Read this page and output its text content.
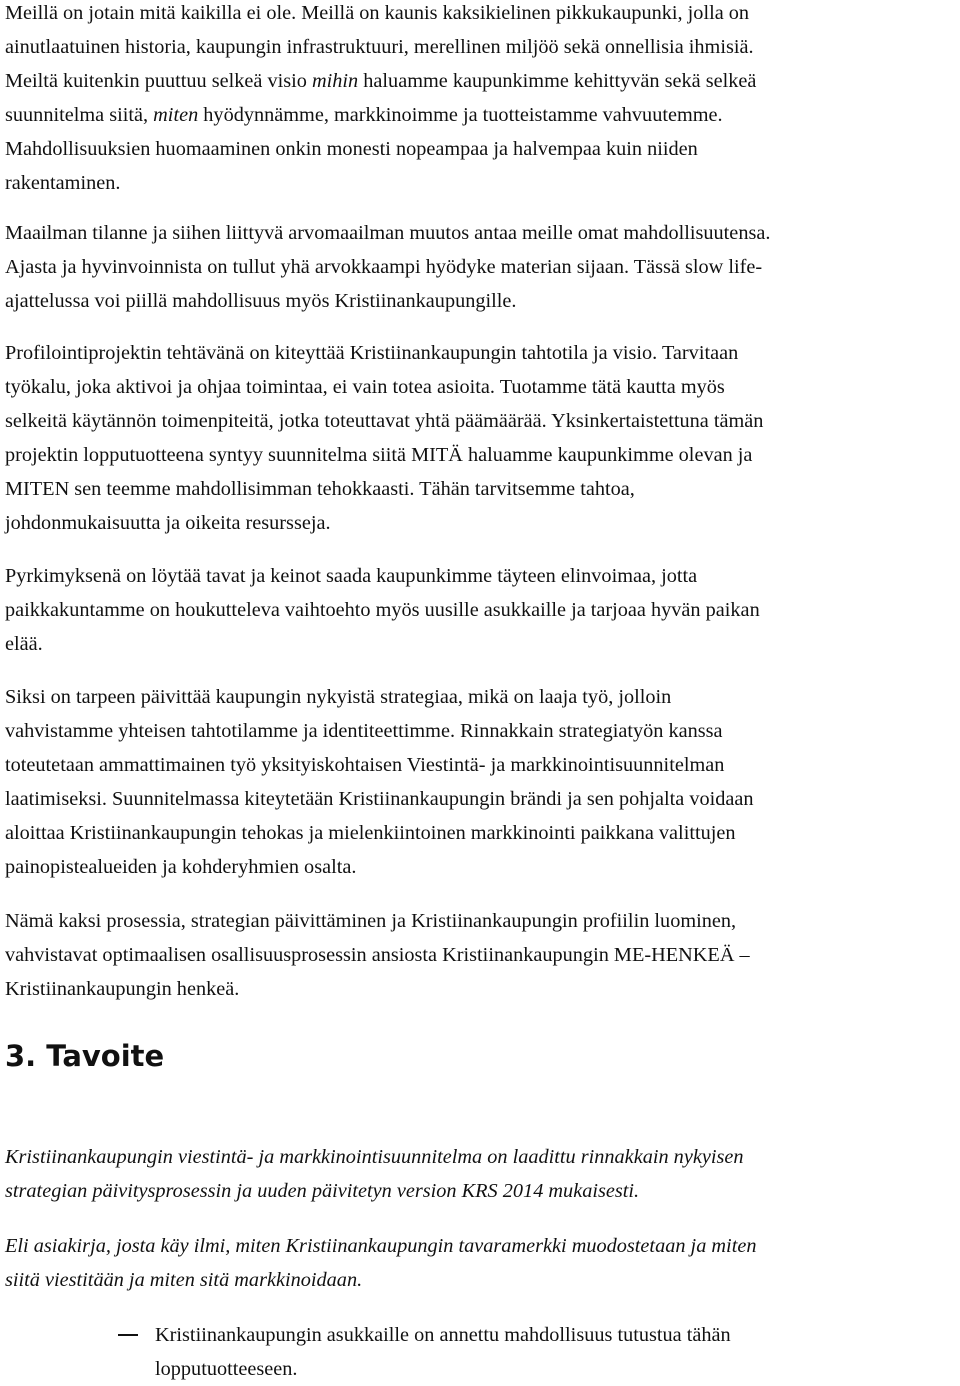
Meillä on jotain mitä kaikilla ei ole. Meillä on kaunis kaksikielinen pikkukaupunki, jolla on
ainutlaatuinen historia, kaupungin infrastruktuuri, merellinen miljöö sekä onnellisia ihmisiä.
Meiltä kuitenkin puuttuu selkeä visio mihin haluamme kaupunkimme kehittyvän sekä selkeä
suunnitelma siitä, miten hyödynnämme, markkinoimme ja tuotteistamme vahvuutemme.
Mahdollisuuksien huomaaminen onkin monesti nopeampaa ja halvempaa kuin niiden
rakentaminen.
Maailman tilanne ja siihen liittyvä arvomaailman muutos antaa meille omat mahdollisuutensa.
Ajasta ja hyvinvoinnista on tullut yhä arvokkaampi hyödyke materian sijaan. Tässä slow life-
ajattelussa voi piillä mahdollisuus myös Kristiinankaupungille.
Profilointiprojektin tehtävänä on kiteyttää Kristiinankaupungin tahtotila ja visio. Tarvitaan
työkalu, joka aktivoi ja ohjaa toimintaa, ei vain totea asioita. Tuotamme tätä kautta myös
selkeitä käytännön toimenpiteitä, jotka toteuttavat yhtä päämäärää. Yksinkertaistettuna tämän
projektin lopputuotteena syntyy suunnitelma siitä MITÄ haluamme kaupunkimme olevan ja
MITEN sen teemme mahdollisimman tehokkaasti. Tähän tarvitsemme tahtoa,
johdonmukaisuutta ja oikeita resursseja.
Pyrkimyksenä on löytää tavat ja keinot saada kaupunkimme täyteen elinvoimaa, jotta
paikkakuntamme on houkutteleva vaihtoehto myös uusille asukkaille ja tarjoaa hyvän paikan
elää.
Siksi on tarpeen päivittää kaupungin nykyistä strategiaa, mikä on laaja työ, jolloin
vahvistamme yhteisen tahtotilamme ja identiteettimme. Rinnakkain strategiatyön kanssa
toteutetaan ammattimainen työ yksityiskohtaisen Viestintä- ja markkinointisuunnitelman
laatimiseksi. Suunnitelmassa kiteytetään Kristiinankaupungin brändi ja sen pohjalta voidaan
aloittaa Kristiinankaupungin tehokas ja mielenkiintoinen markkinointi paikkana valittujen
painopistealueiden ja kohderyhmien osalta.
Nämä kaksi prosessia, strategian päivittäminen ja Kristiinankaupungin profiilin luominen,
vahvistavat optimaalisen osallisuusprosessin ansiosta Kristiinankaupungin ME-HENKEÄ –
Kristiinankaupungin henkeä.
3. Tavoite
Kristiinankaupungin viestintä- ja markkinointisuunnitelma on laadittu rinnakkain nykyisen
strategian päivitysprosessin ja uuden päivitetyn version KRS 2014 mukaisesti.
Eli asiakirja, josta käy ilmi, miten Kristiinankaupungin tavaramerkki muodostetaan ja miten
siitä viestitään ja miten sitä markkinoidaan.
Kristiinankaupungin asukkaille on annettu mahdollisuus tutustua tähän
lopputuotteeseen.
